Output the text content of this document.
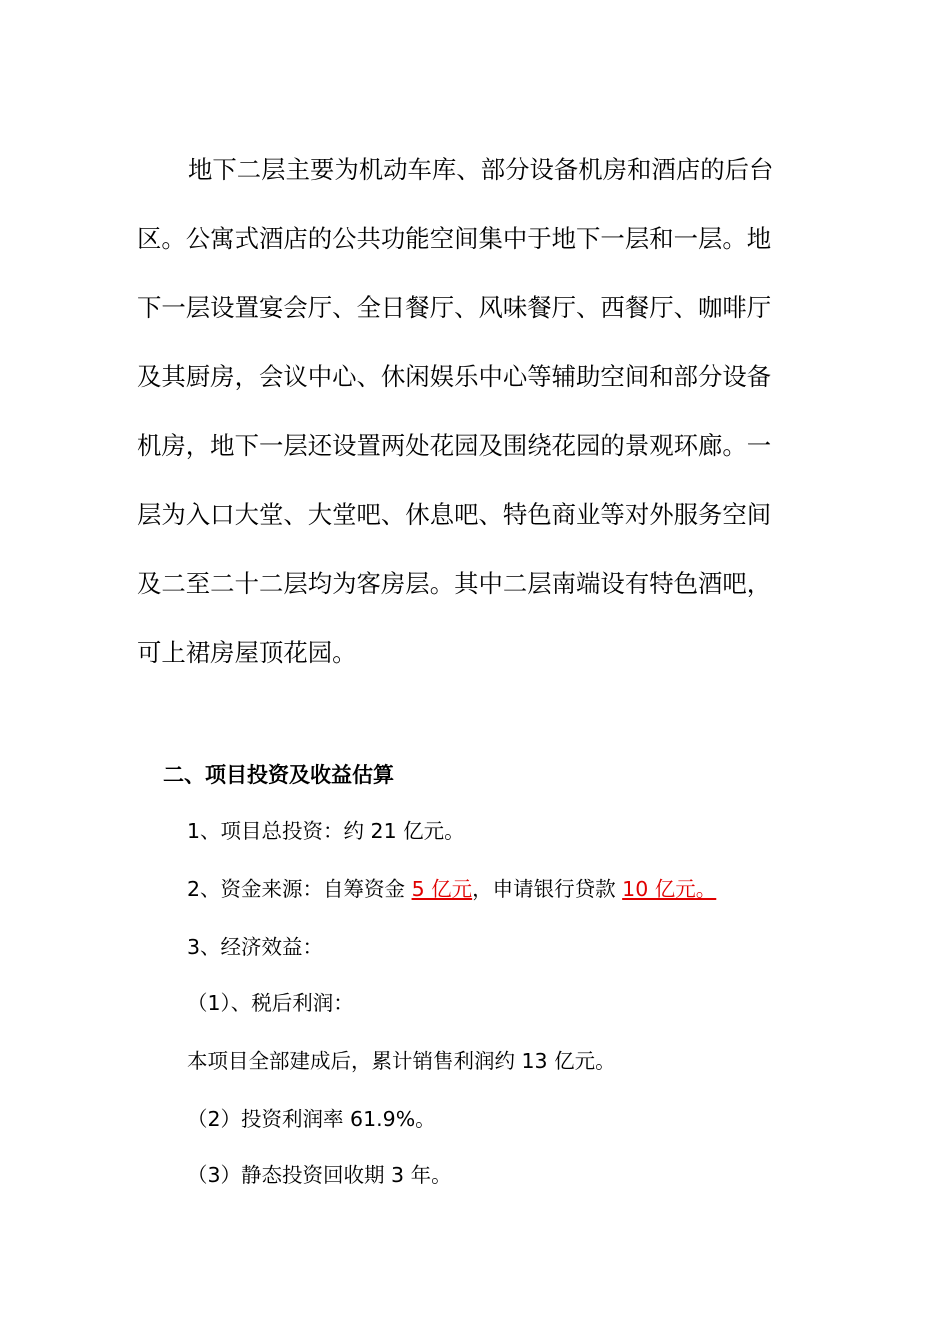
地下二层主要为机动车库、部分设备机房和酒店的后台
区。公寓式酒店的公共功能空间集中于地下一层和一层。地
下一层设置宴会厅、全日餐厅、风味餐厅、西餐厅、咖啡厅
及其厨房，会议中心、休闲娱乐中心等辅助空间和部分设备
机房，地下一层还设置两处花园及围绕花园的景观环廊。一
层为入口大堂、大堂吧、休息吧、特色商业等对外服务空间
及二至二十二层均为客房层。其中二层南端设有特色酒吧，
可上裙房屋顶花园。
二、项目投资及收益估算
1、项目总投资：约 21 亿元。
2、资金来源：自筹资金 5 亿元，申请银行贷款 10 亿元。
3、经济效益：
（1）、税后利润：
本项目全部建成后，累计销售利润约 13 亿元。
（2）投资利润率 61.9%。
（3）静态投资回收期 3 年。
